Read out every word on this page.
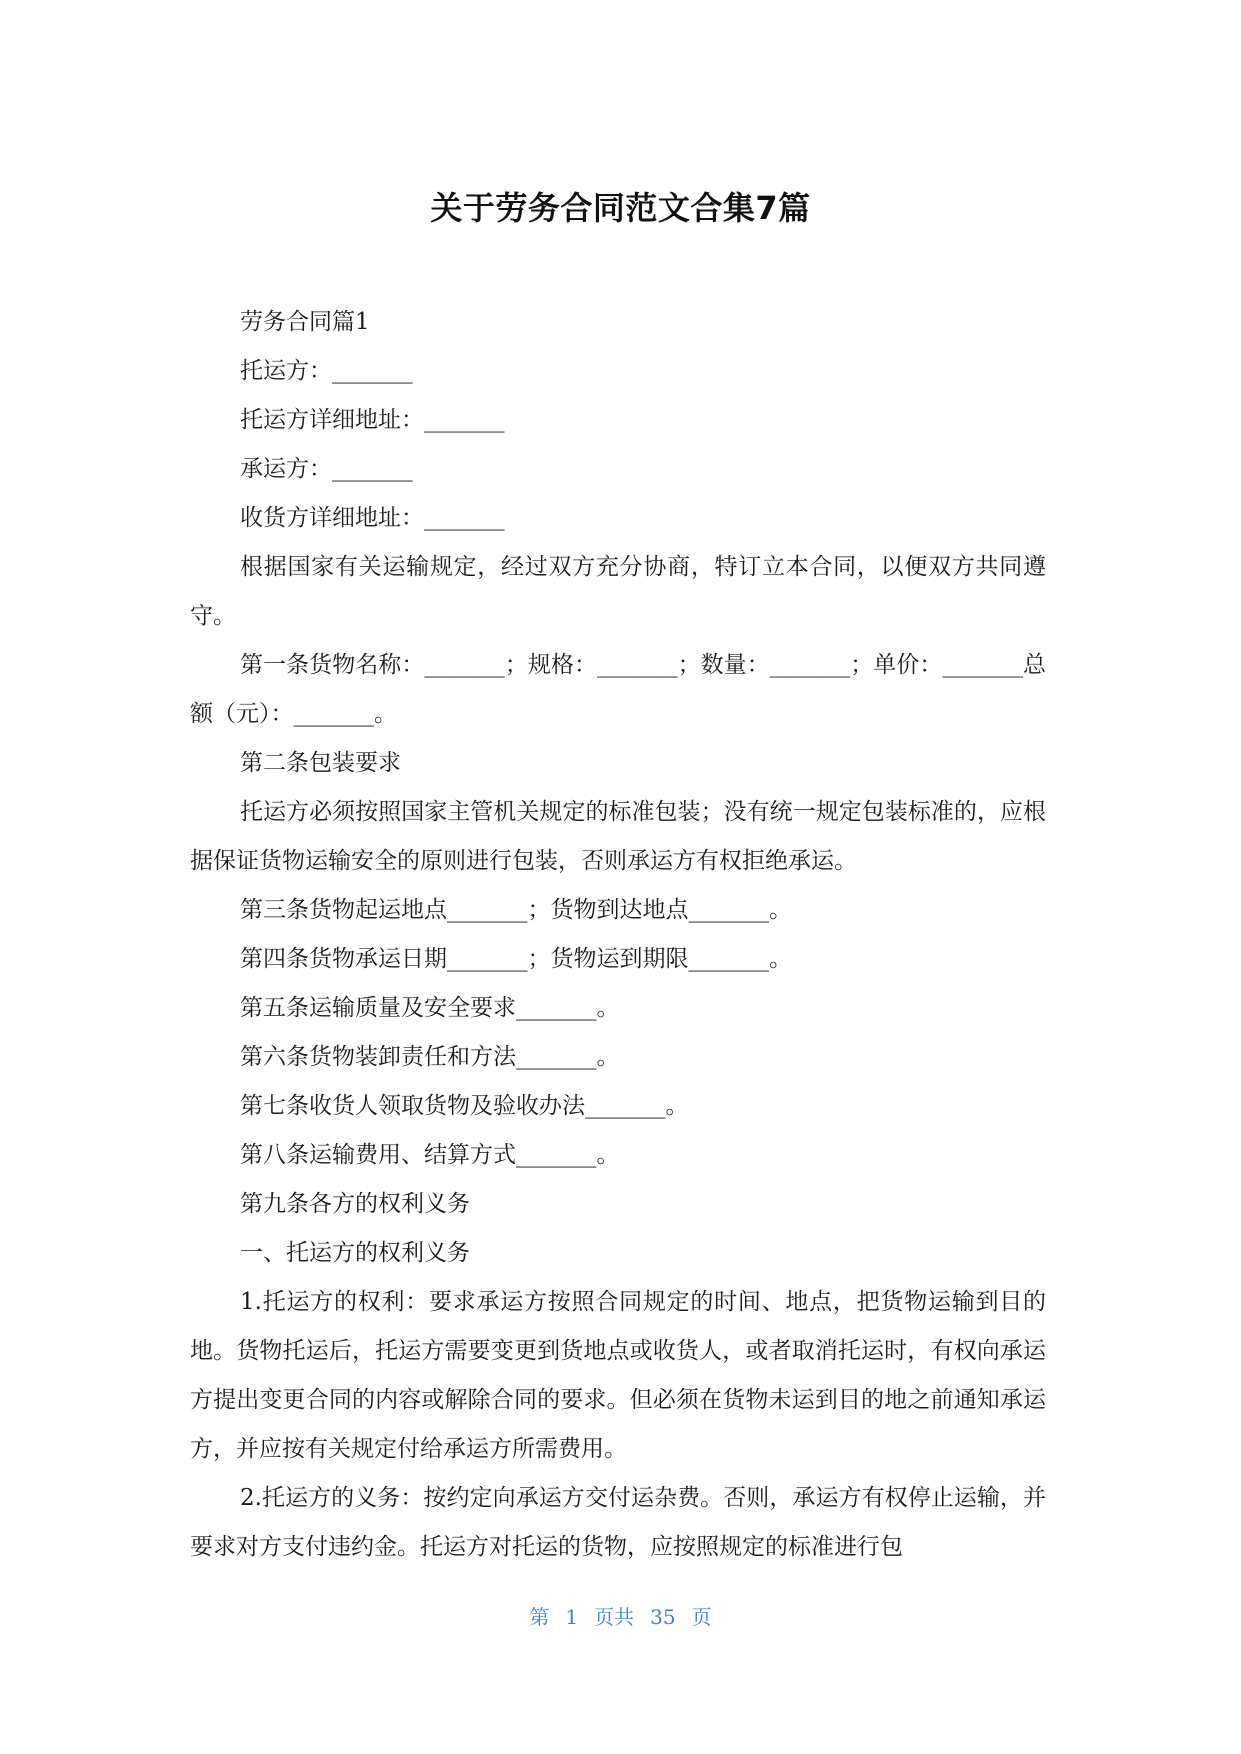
关于劳务合同范文合集7篇

劳务合同篇1

托运方：_______

托运方详细地址：_______

承运方：_______

收货方详细地址：_______

根据国家有关运输规定，经过双方充分协商，特订立本合同，以便双方共同遵守。

第一条货物名称：_______；规格：_______；数量：_______；单价：_______总额（元）：_______。

第二条包装要求

托运方必须按照国家主管机关规定的标准包装；没有统一规定包装标准的，应根据保证货物运输安全的原则进行包装，否则承运方有权拒绝承运。

第三条货物起运地点_______；货物到达地点_______。

第四条货物承运日期_______；货物运到期限_______。

第五条运输质量及安全要求_______。

第六条货物装卸责任和方法_______。

第七条收货人领取货物及验收办法_______。

第八条运输费用、结算方式_______。

第九条各方的权利义务

一、托运方的权利义务

1.托运方的权利：要求承运方按照合同规定的时间、地点，把货物运输到目的地。货物托运后，托运方需要变更到货地点或收货人，或者取消托运时，有权向承运方提出变更合同的内容或解除合同的要求。但必须在货物未运到目的地之前通知承运方，并应按有关规定付给承运方所需费用。

2.托运方的义务：按约定向承运方交付运杂费。否则，承运方有权停止运输，并要求对方支付违约金。托运方对托运的货物，应按照规定的标准进行包

第 1 页共 35 页
